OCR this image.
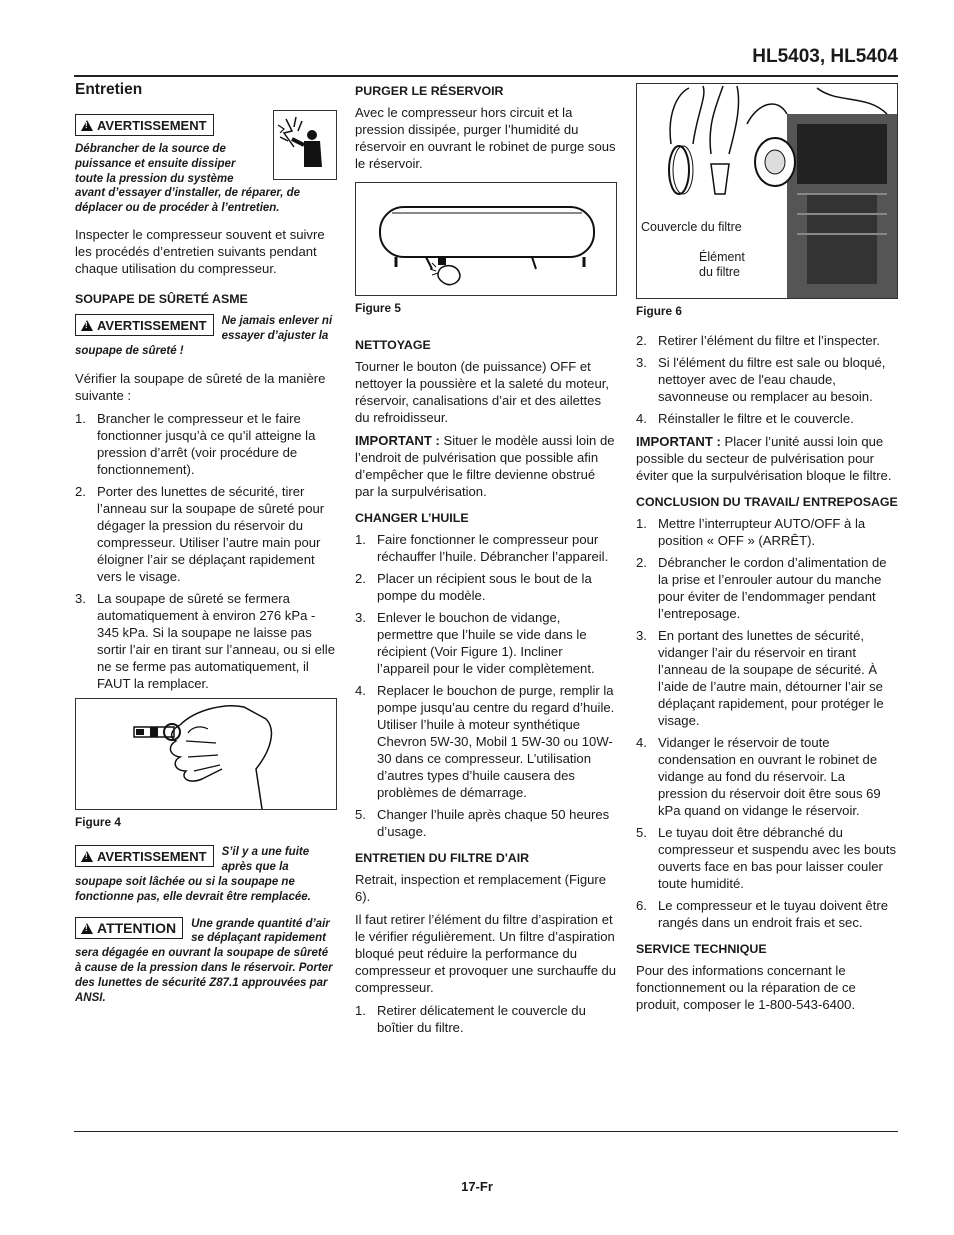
HL5403, HL5404
Entretien
!AVERTISSEMENT
Débrancher de la source de puissance et ensuite dissiper toute la pression du système avant d’essayer d’installer, de réparer, de déplacer ou de procéder à l’entretien.

Inspecter le compresseur souvent et suivre les procédés d’entretien suivants pendant chaque utilisation du compresseur.

SOUPAPE DE SÛRETÉ ASME
!AVERTISSEMENT	Ne jamais enlever ni essayer d’ajuster la soupape de sûreté !

Vérifier la soupape de sûreté de la manière suivante :

1. Brancher le compresseur et le faire fonctionner jusqu’à ce qu’il atteigne la pression d’arrêt (voir procédure de fonctionnement).
2. Porter des lunettes de sécurité, tirer l’anneau sur la soupape de sûreté pour dégager la pression du réservoir du compresseur. Utiliser l’autre main pour éloigner l’air se déplaçant rapidement vers le visage.
3. La soupape de sûreté se fermera automatiquement à environ 276 kPa - 345 kPa. Si la soupape ne laisse pas sortir l’air en tirant sur l’anneau, ou si elle ne se ferme pas automatiquement, il FAUT la remplacer.
Figure 4
!AVERTISSEMENT	S’il y a une fuite après que la soupape soit lâchée ou si la soupape ne fonctionne pas, elle devrait être remplacée.
!ATTENTION	Une grande quantité d’air se déplaçant rapidement sera dégagée en ouvrant la soupape de sûreté à cause de la pression dans le réservoir. Porter des lunettes de sécurité Z87.1 approuvées par ANSI.
PURGER LE RÉSERVOIR

Avec le compresseur hors circuit et la pression dissipée, purger l’humidité du réservoir en ouvrant le robinet de purge sous le réservoir.

Figure 5
NETTOYAGE

Tourner le bouton (de puissance) OFF et nettoyer la poussière et la saleté du moteur, réservoir, canalisations d’air et des ailettes du refroidisseur.

IMPORTANT : Situer le modèle aussi loin de l’endroit de pulvérisation que possible afin d’empêcher que le filtre devienne obstrué par la surpulvérisation.

CHANGER L’HUILE
1. Faire fonctionner le compresseur pour réchauffer l’huile. Débrancher l’appareil.
2. Placer un récipient sous le bout de la pompe du modèle.
3. Enlever le bouchon de vidange, permettre que l’huile se vide dans le récipient (Voir Figure 1). Incliner l’appareil pour le vider complètement.
4. Replacer le bouchon de purge, remplir la pompe jusqu’au centre du regard d’huile. Utiliser l’huile à moteur synthétique Chevron 5W-30, Mobil 1 5W-30 ou 10W-30 dans ce compresseur. L’utilisation d’autres types d’huile causera des problèmes de démarrage.
5. Changer l’huile après chaque 50 heures d’usage.
ENTRETIEN DU FILTRE D'AIR

Retrait, inspection et remplacement (Figure 6).

Il faut retirer l’élément du filtre d’aspiration et le vérifier régulièrement. Un filtre d’aspiration bloqué peut réduire la performance du compresseur et provoquer une surchauffe du compresseur.

1. Retirer délicatement le couvercle du boîtier du filtre.
Couvercle du filtre
Élément du filtre
Figure 6
2. Retirer l’élément du filtre et l’inspecter.
3. Si l'élément du filtre est sale ou bloqué, nettoyer avec de l'eau chaude, savonneuse ou remplacer au besoin.
4. Réinstaller le filtre et le couvercle.

IMPORTANT : Placer l’unité aussi loin que possible du secteur de pulvérisation pour éviter que la surpulvérisation bloque le filtre.

CONCLUSION DU TRAVAIL/ ENTREPOSAGE
1. Mettre l’interrupteur AUTO/OFF à la position « OFF » (ARRÊT).
2. Débrancher le cordon d’alimentation de la prise et l’enrouler autour du manche pour éviter de l’endommager pendant l’entreposage.
3. En portant des lunettes de sécurité, vidanger l’air du réservoir en tirant l’anneau de la soupape de sécurité. À l’aide de l’autre main, détourner l’air se déplaçant rapidement, pour protéger le visage.
4. Vidanger le réservoir de toute condensation en ouvrant le robinet de vidange au fond du réservoir. La pression du réservoir doit être sous 69 kPa quand on vidange le réservoir.
5. Le tuyau doit être débranché du compresseur et suspendu avec les bouts ouverts face en bas pour laisser couler toute humidité.
6. Le compresseur et le tuyau doivent être rangés dans un endroit frais et sec.
SERVICE TECHNIQUE

Pour des informations concernant le fonctionnement ou la réparation de ce produit, composer le 1-800-543-6400.

17-Fr
